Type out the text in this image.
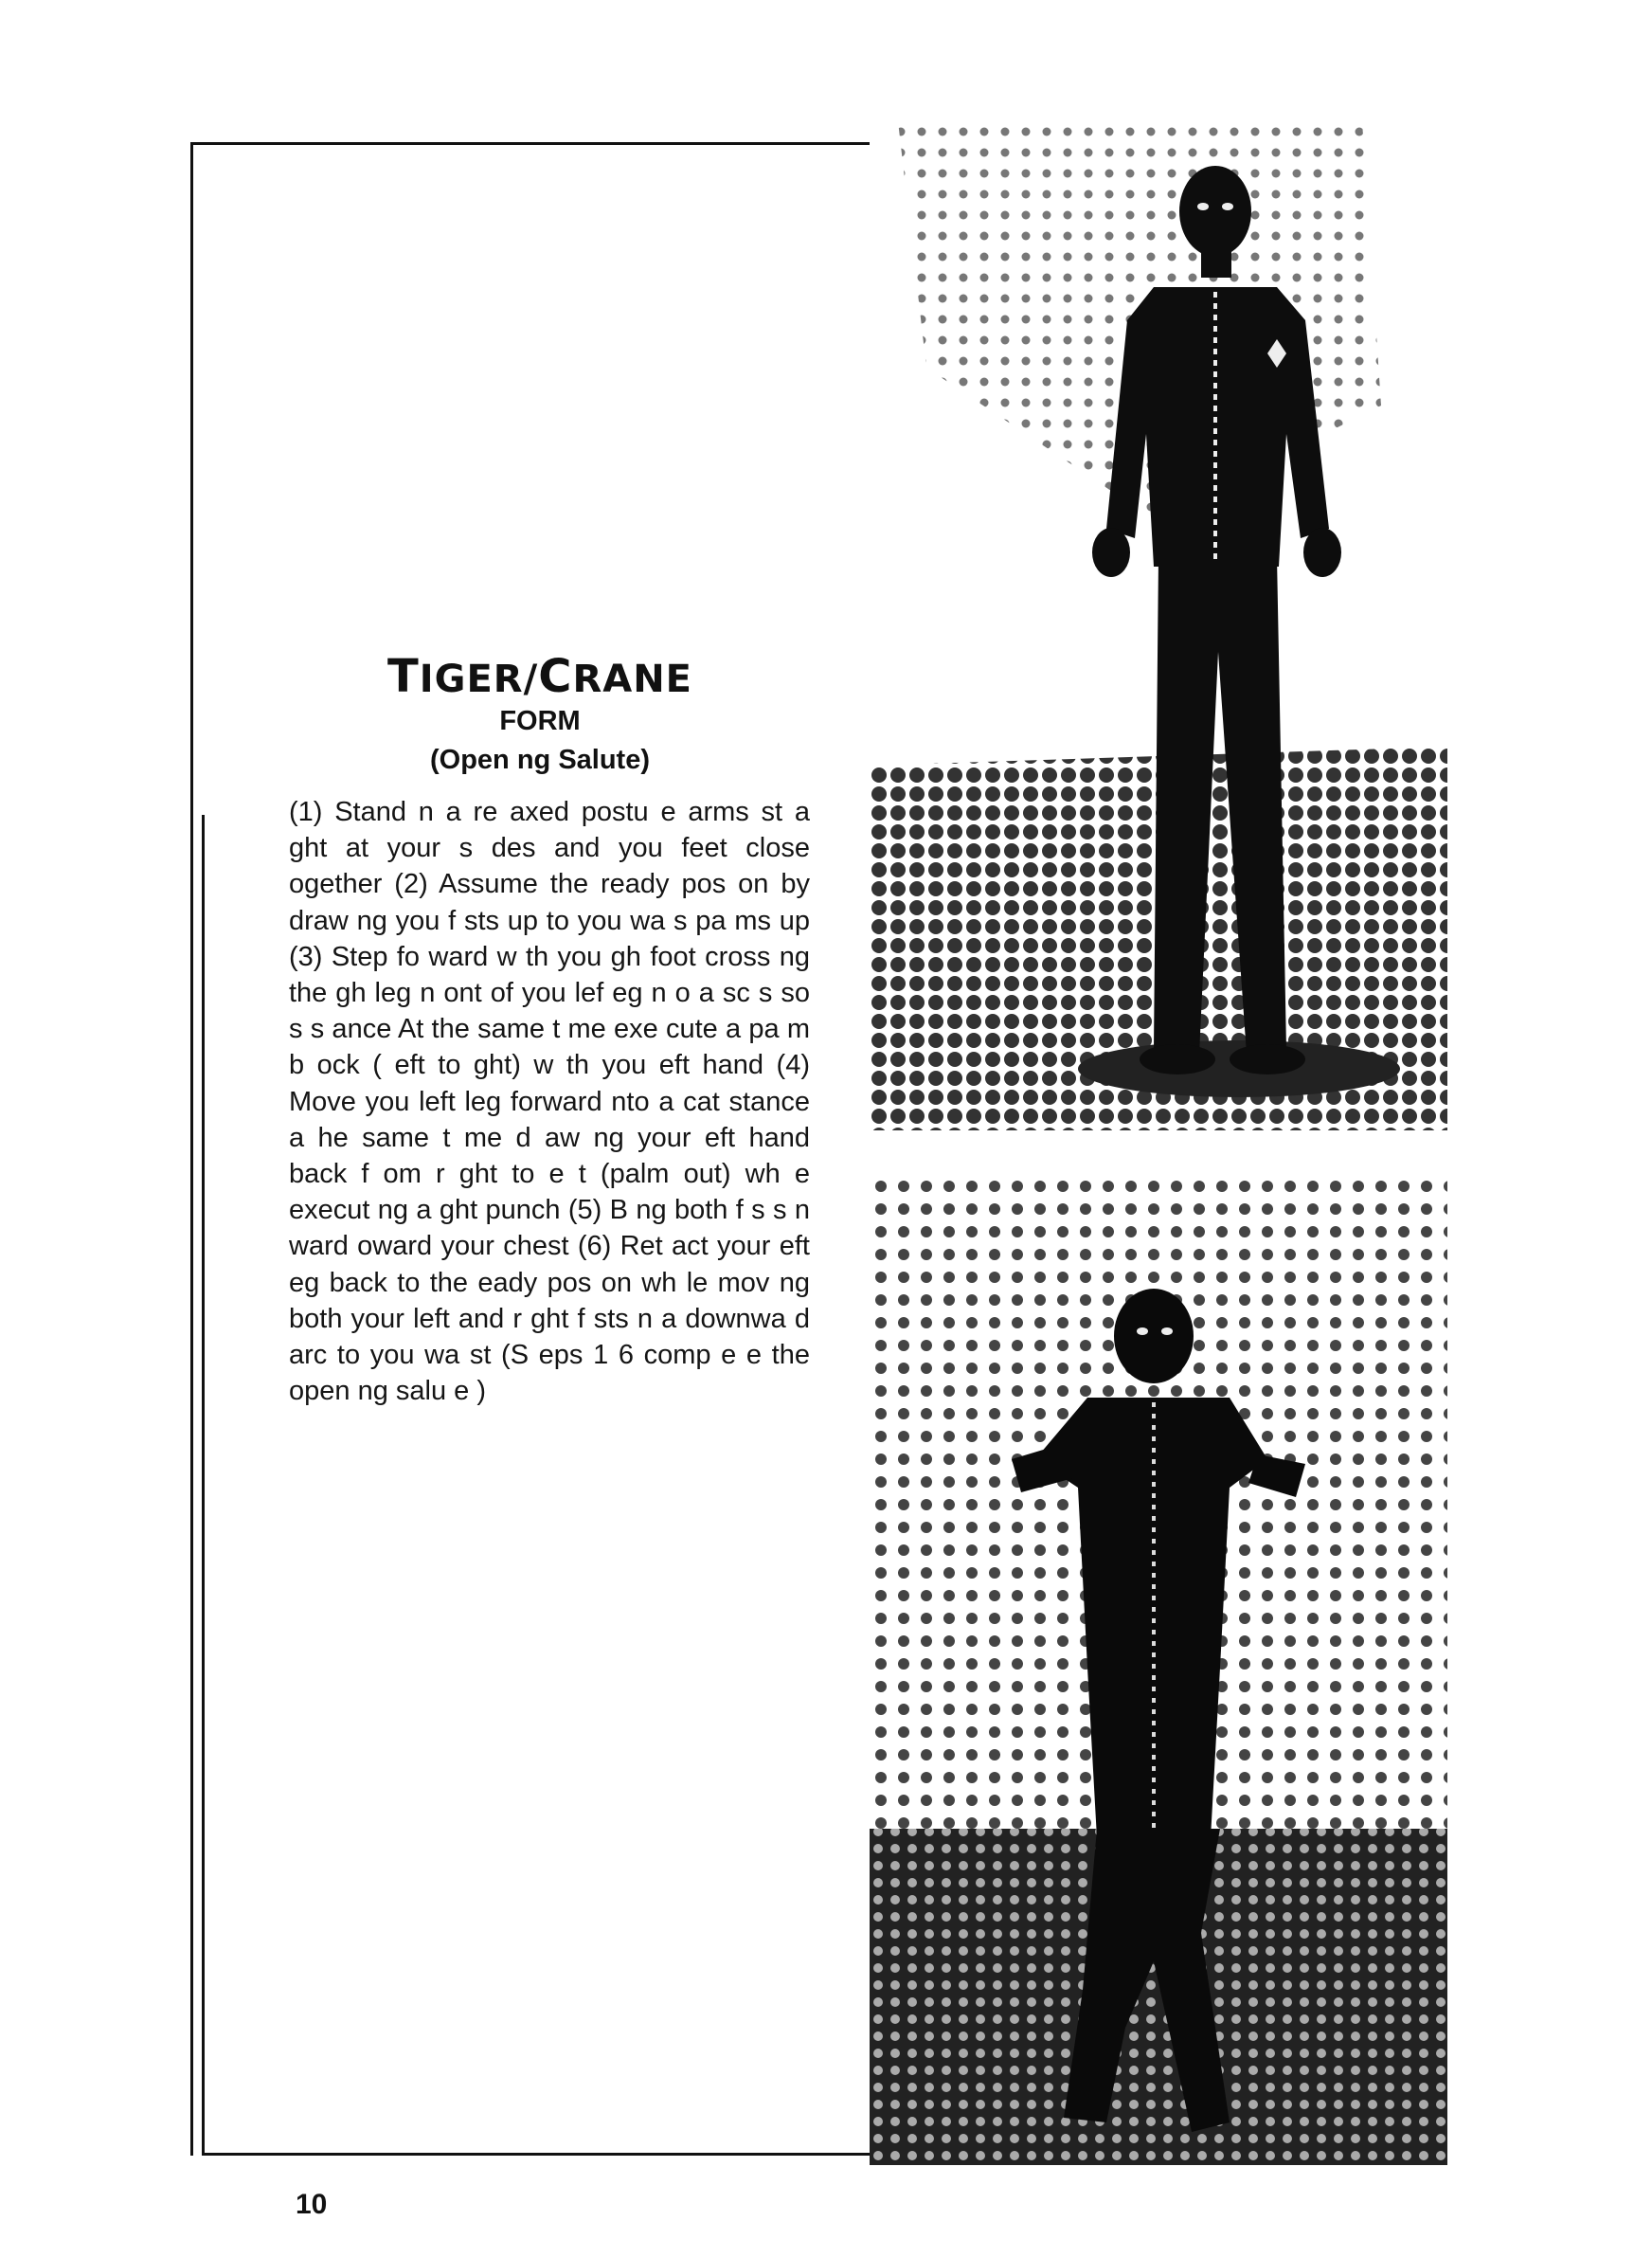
TIGER/CRANE
FORM
(Open ng Salute)
(1) Stand n a re axed postu e arms st a ght at your s des and you feet close ogether (2) Assume the ready pos on by draw ng you f sts up to you wa s pa ms up (3) Step fo ward w th you gh foot cross ng the gh leg n ont of you lef eg n o a sc s so s s ance At the same t me exe cute a pa m b ock ( eft to ght) w th you eft hand (4) Move you left leg forward nto a cat stance a he same t me d aw ng your eft hand back f om r ght to e t (palm out) wh e execut ng a ght punch (5) B ng both f s s n ward oward your chest (6) Ret act your eft eg back to the eady pos on wh le mov ng both your left and r ght f sts n a downwa d arc to you wa st (S eps 1 6 comp e e the open ng salu e )
10
